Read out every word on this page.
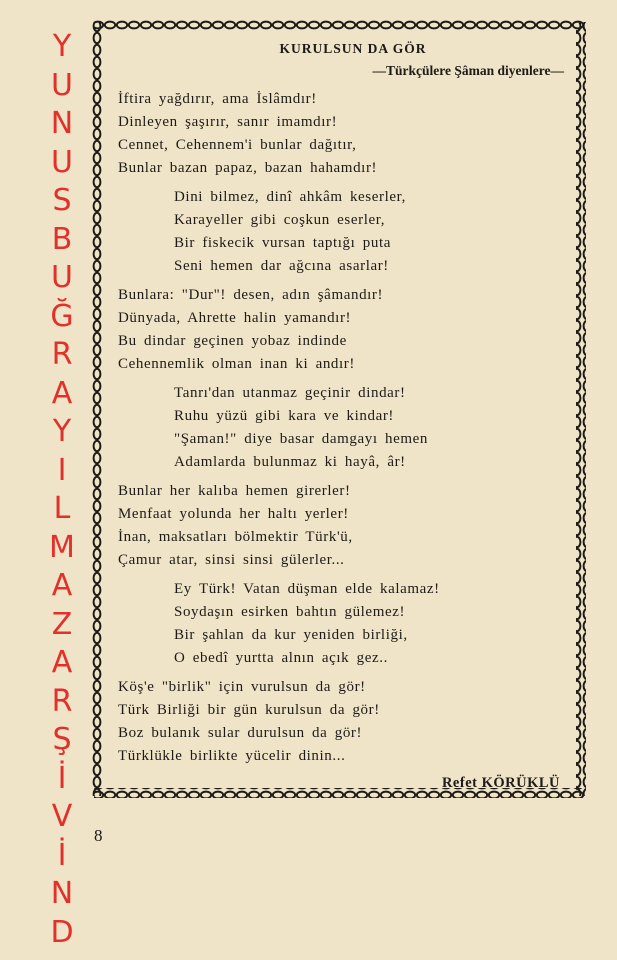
Y
U
N
U
S
B
U
Ğ
R
A
Y
I
L
M
A
Z
A
R
Ş
İ
V
İ
N
D
KURULSUN DA GÖR
—Türkçülere Şâman diyenlere—
İftira yağdırır, ama İslâmdır!
Dinleyen şaşırır, sanır imamdır!
Cennet, Cehennem'i bunlar dağıtır,
Bunlar bazan papaz, bazan hahamdır!
Dini bilmez, dinî ahkâm keserler,
Karayeller gibi coşkun eserler,
Bir fiskecik vursan taptığı puta
Seni hemen dar ağcına asarlar!
Bunlara: "Dur"! desen, adın şâmandır!
Dünyada, Ahrette halin yamandır!
Bu dindar geçinen yobaz indinde
Cehennemlik olman inan ki andır!
Tanrı'dan utanmaz geçinir dindar!
Ruhu yüzü gibi kara ve kindar!
"Şaman!" diye basar damgayı hemen
Adamlarda bulunmaz ki hayâ, âr!
Bunlar her kalıba hemen girerler!
Menfaat yolunda her haltı yerler!
İnan, maksatları bölmektir Türk'ü,
Çamur atar, sinsi sinsi gülerler...
Ey Türk! Vatan düşman elde kalamaz!
Soydaşın esirken bahtın gülemez!
Bir şahlan da kur yeniden birliği,
O ebedî yurtta alnın açık gez..
Köş'e "birlik" için vurulsun da gör!
Türk Birliği bir gün kurulsun da gör!
Boz bulanık sular durulsun da gör!
Türklükle birlikte yücelir dinin...
Refet KÖRÜKLÜ
8
